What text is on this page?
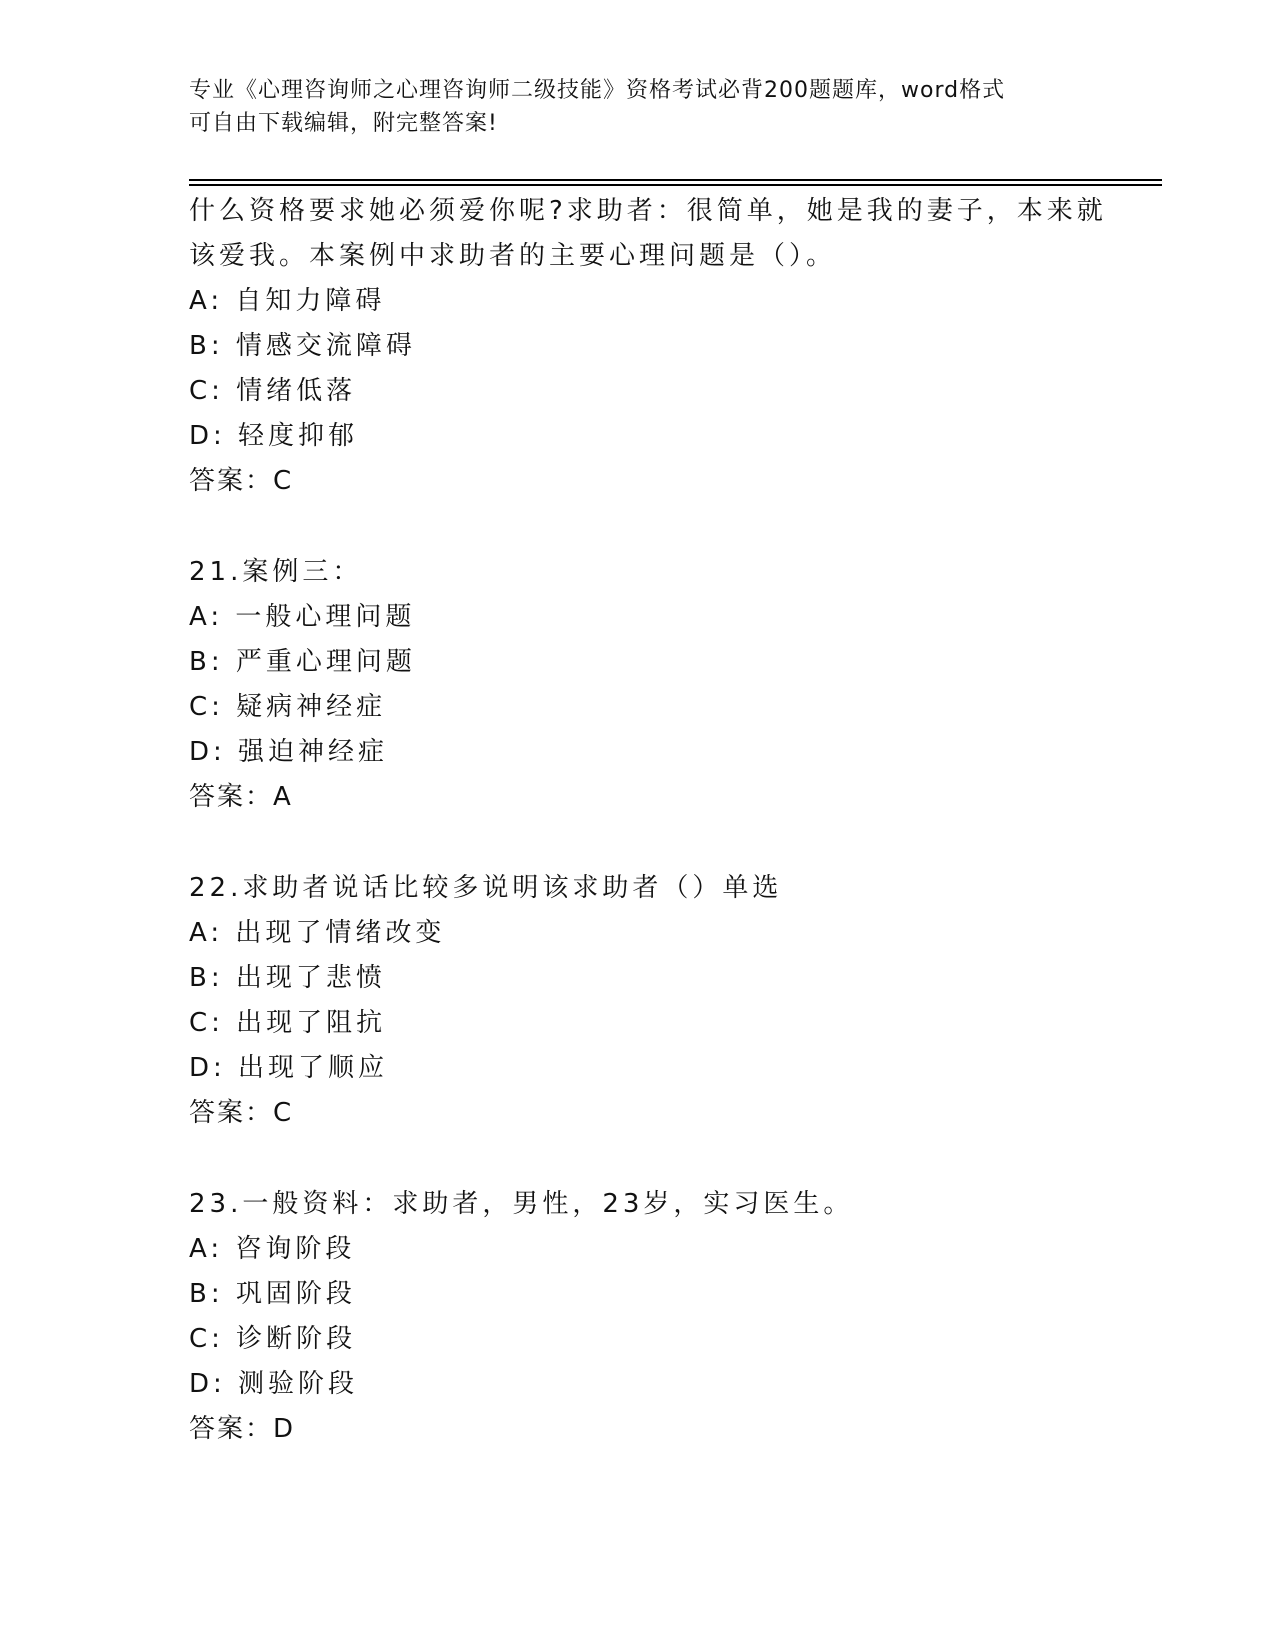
专业《心理咨询师之心理咨询师二级技能》资格考试必背200题题库，word格式
可自由下载编辑，附完整答案!
什么资格要求她必须爱你呢?求助者：很简单，她是我的妻子，本来就
该爱我。本案例中求助者的主要心理问题是（）。
A: 自知力障碍
B: 情感交流障碍
C: 情绪低落
D: 轻度抑郁
答案：C
21.案例三：
A: 一般心理问题
B: 严重心理问题
C: 疑病神经症
D: 强迫神经症
答案：A
22.求助者说话比较多说明该求助者（）单选
A: 出现了情绪改变
B: 出现了悲愤
C: 出现了阻抗
D: 出现了顺应
答案：C
23.一般资料：求助者，男性，23岁，实习医生。
A: 咨询阶段
B: 巩固阶段
C: 诊断阶段
D: 测验阶段
答案：D
